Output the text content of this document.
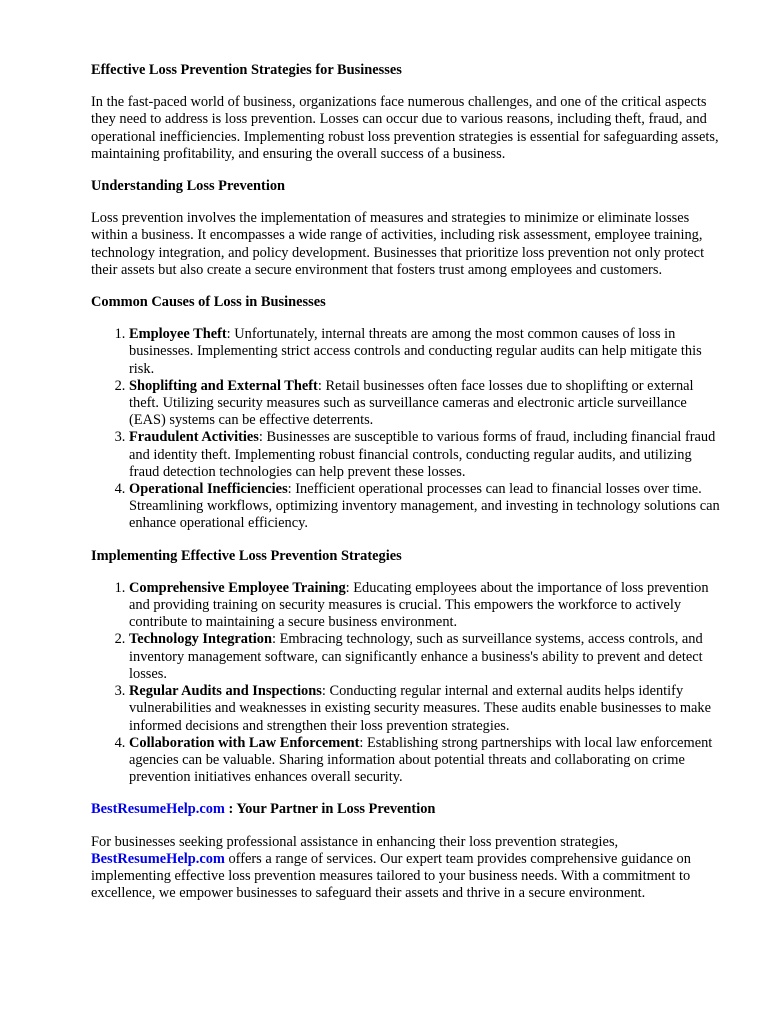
Effective Loss Prevention Strategies for Businesses

In the fast-paced world of business, organizations face numerous challenges, and one of the critical aspects they need to address is loss prevention. Losses can occur due to various reasons, including theft, fraud, and operational inefficiencies. Implementing robust loss prevention strategies is essential for safeguarding assets, maintaining profitability, and ensuring the overall success of a business.

Understanding Loss Prevention

Loss prevention involves the implementation of measures and strategies to minimize or eliminate losses within a business. It encompasses a wide range of activities, including risk assessment, employee training, technology integration, and policy development. Businesses that prioritize loss prevention not only protect their assets but also create a secure environment that fosters trust among employees and customers.

Common Causes of Loss in Businesses
1. Employee Theft: Unfortunately, internal threats are among the most common causes of loss in businesses. Implementing strict access controls and conducting regular audits can help mitigate this risk.
2. Shoplifting and External Theft: Retail businesses often face losses due to shoplifting or external theft. Utilizing security measures such as surveillance cameras and electronic article surveillance (EAS) systems can be effective deterrents.
3. Fraudulent Activities: Businesses are susceptible to various forms of fraud, including financial fraud and identity theft. Implementing robust financial controls, conducting regular audits, and utilizing fraud detection technologies can help prevent these losses.
4. Operational Inefficiencies: Inefficient operational processes can lead to financial losses over time. Streamlining workflows, optimizing inventory management, and investing in technology solutions can enhance operational efficiency.
Implementing Effective Loss Prevention Strategies
1. Comprehensive Employee Training: Educating employees about the importance of loss prevention and providing training on security measures is crucial. This empowers the workforce to actively contribute to maintaining a secure business environment.
2. Technology Integration: Embracing technology, such as surveillance systems, access controls, and inventory management software, can significantly enhance a business's ability to prevent and detect losses.
3. Regular Audits and Inspections: Conducting regular internal and external audits helps identify vulnerabilities and weaknesses in existing security measures. These audits enable businesses to make informed decisions and strengthen their loss prevention strategies.
4. Collaboration with Law Enforcement: Establishing strong partnerships with local law enforcement agencies can be valuable. Sharing information about potential threats and collaborating on crime prevention initiatives enhances overall security.
BestResumeHelp.com : Your Partner in Loss Prevention

For businesses seeking professional assistance in enhancing their loss prevention strategies, BestResumeHelp.com offers a range of services. Our expert team provides comprehensive guidance on implementing effective loss prevention measures tailored to your business needs. With a commitment to excellence, we empower businesses to safeguard their assets and thrive in a secure environment.
